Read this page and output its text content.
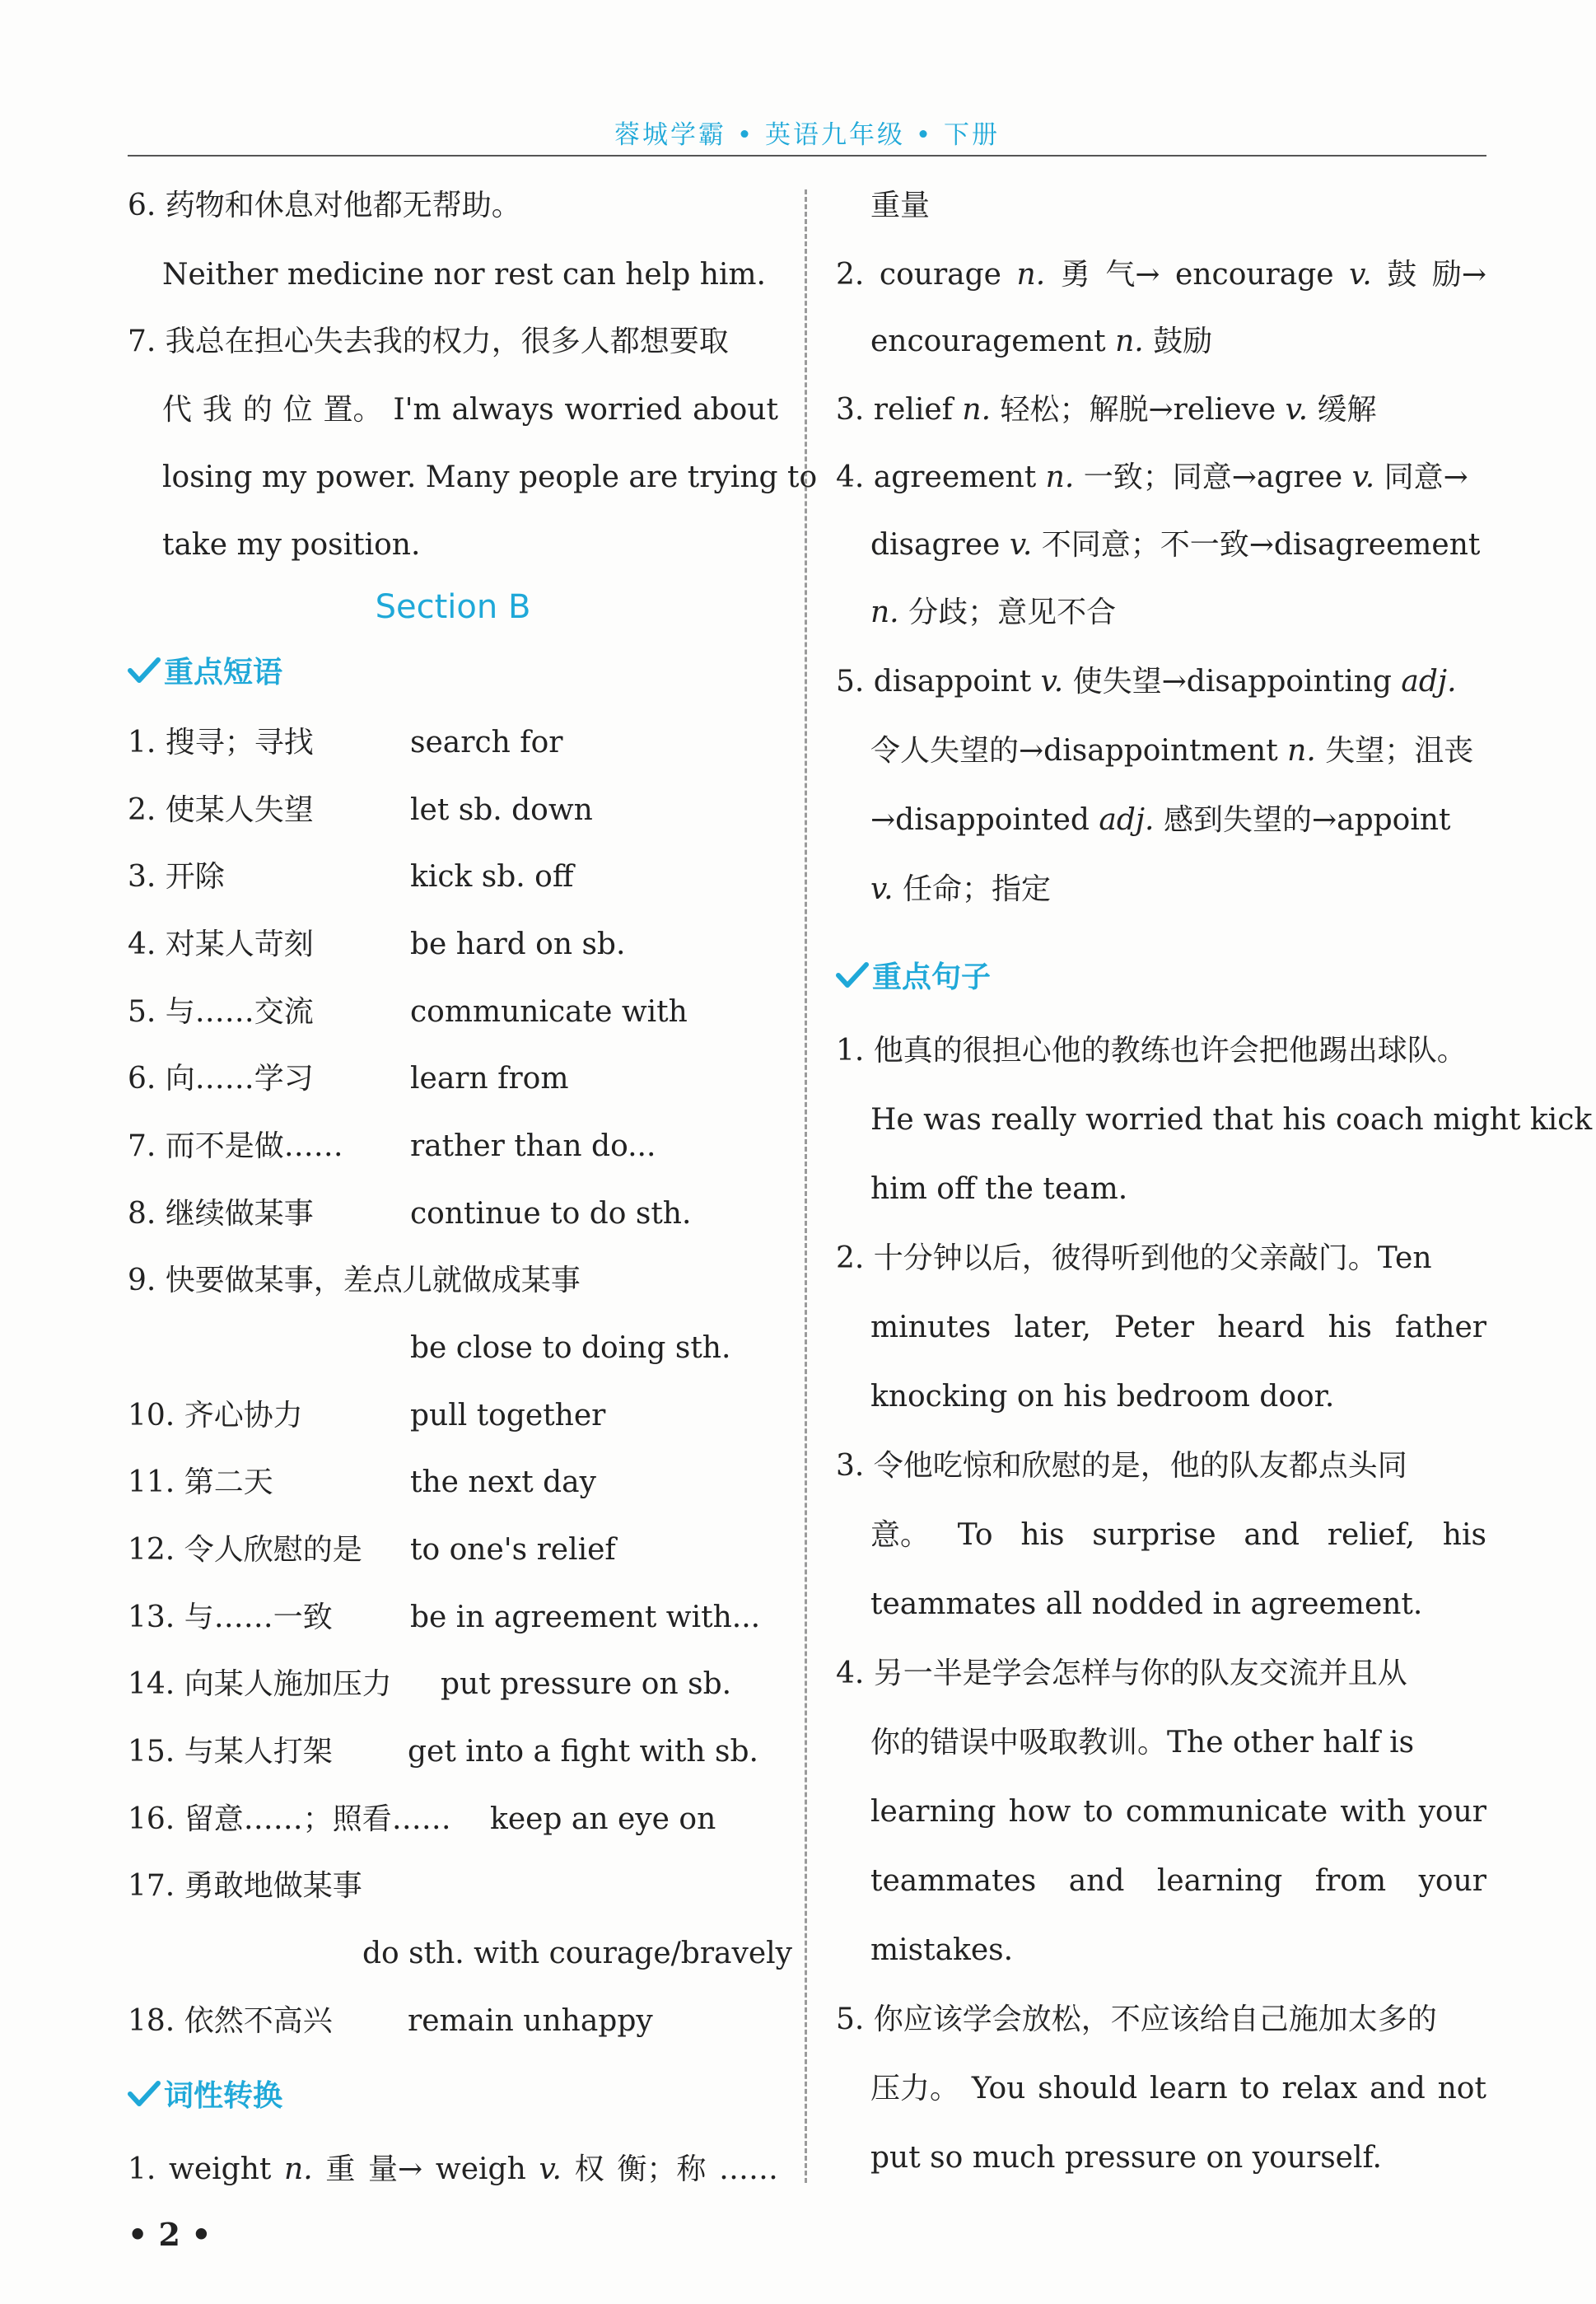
蓉城学霸 • 英语九年级 • 下册
6. 药物和休息对他都无帮助。
Neither medicine nor rest can help him.
7. 我总在担心失去我的权力，很多人都想要取
代 我 的 位 置。 I'm always worried about
losing my power. Many people are trying to
take my position.
Section B
重点短语
1. 搜寻；寻找	search for
2. 使某人失望	let sb. down
3. 开除	kick sb. off
4. 对某人苛刻	be hard on sb.
5. 与……交流	communicate with
6. 向……学习	learn from
7. 而不是做…… rather than do...
8. 继续做某事	continue to do sth.
9. 快要做某事，差点儿就做成某事
be close to doing sth.
10. 齐心协力	pull together
11. 第二天	the next day
12. 令人欣慰的是 to one's relief
13. 与……一致	be in agreement with...
14. 向某人施加压力 put pressure on sb.
15. 与某人打架	get into a fight with sb.
16. 留意……；照看…… keep an eye on
17. 勇敢地做某事
do sth. with courage/bravely
18. 依然不高兴	remain unhappy
词性转换
1. weight n. 重 量→ weigh v. 权 衡；称 ……
重量
2. courage n. 勇 气→ encourage v. 鼓 励→
encouragement n. 鼓励
3. relief n. 轻松；解脱→relieve v. 缓解
4. agreement n. 一致；同意→agree v. 同意→
disagree v. 不同意；不一致→disagreement
n. 分歧；意见不合
5. disappoint v. 使失望→disappointing adj.
令人失望的→disappointment n. 失望；沮丧
→disappointed adj. 感到失望的→appoint
v. 任命；指定
重点句子
1. 他真的很担心他的教练也许会把他踢出球队。
He was really worried that his coach might kick
him off the team.
2. 十分钟以后，彼得听到他的父亲敲门。Ten
minutes later, Peter heard his father
knocking on his bedroom door.
3. 令他吃惊和欣慰的是，他的队友都点头同
意。 To his surprise and relief, his
teammates all nodded in agreement.
4. 另一半是学会怎样与你的队友交流并且从
你的错误中吸取教训。The other half is
learning how to communicate with your
teammates and learning from your
mistakes.
5. 你应该学会放松，不应该给自己施加太多的
压力。 You should learn to relax and not
put so much pressure on yourself.
• 2 •
